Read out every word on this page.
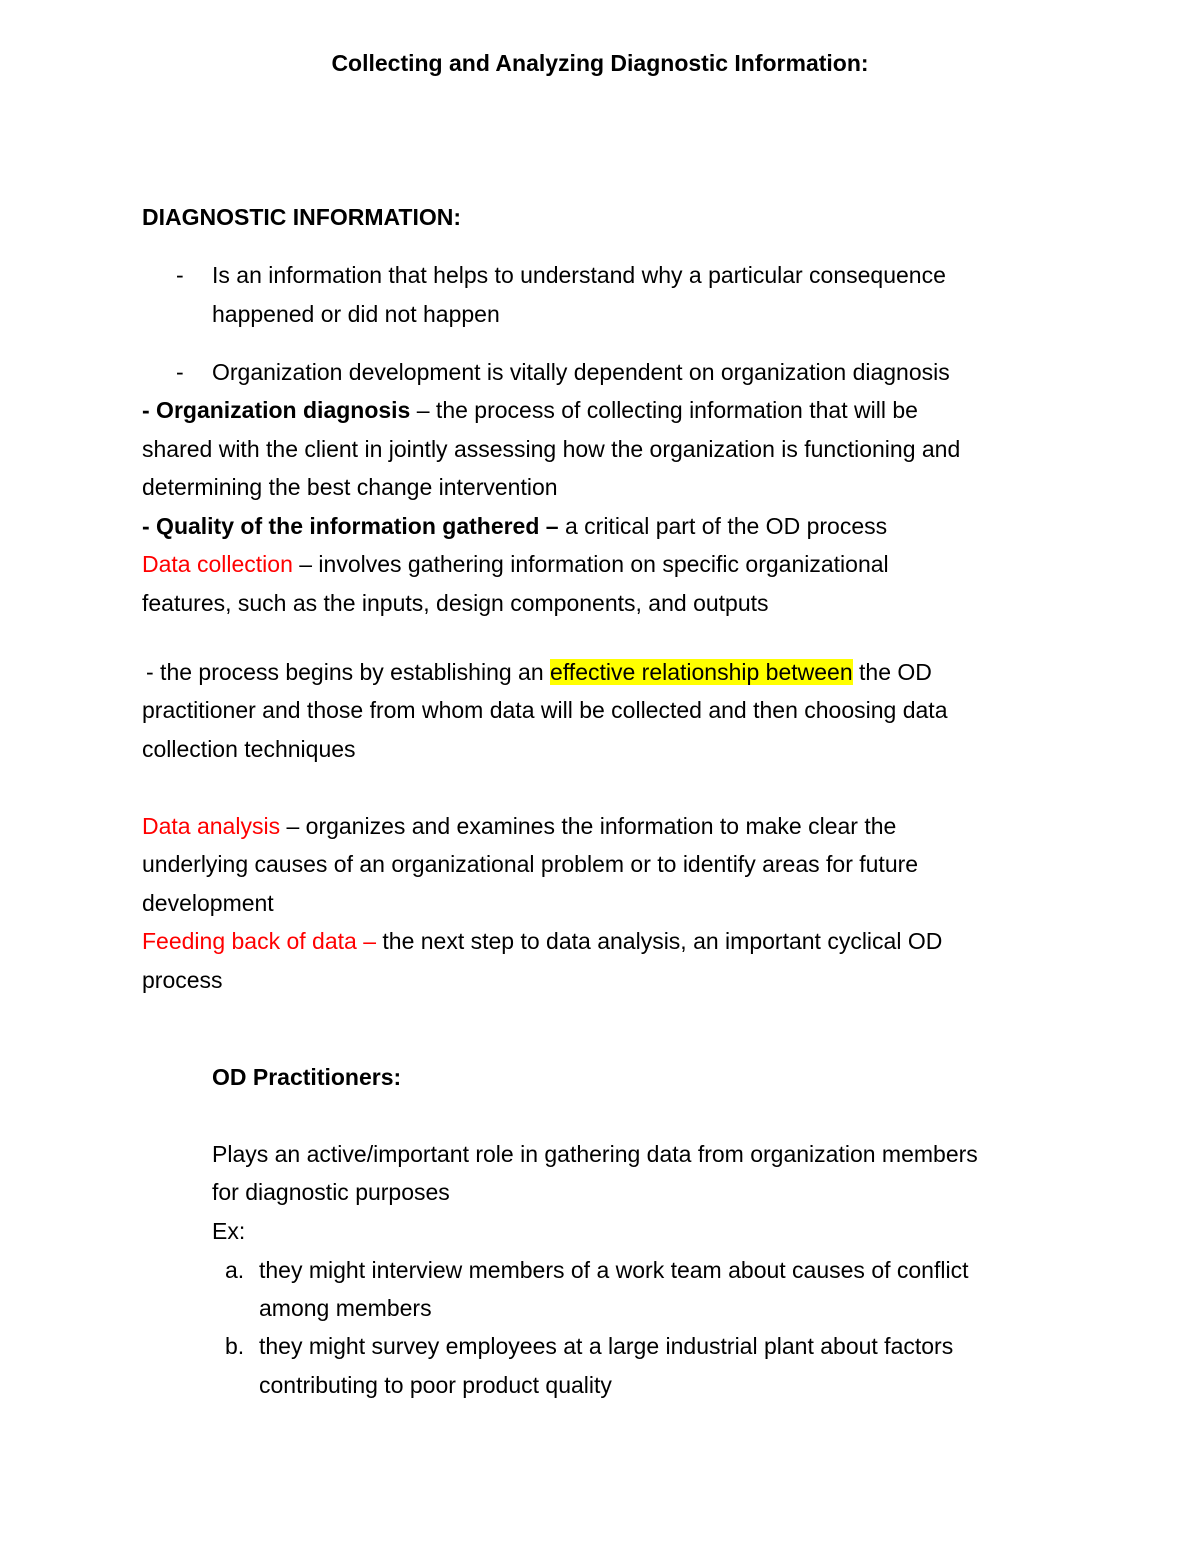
Collecting and Analyzing Diagnostic Information:
DIAGNOSTIC INFORMATION:
- Is an information that helps to understand why a particular consequence
happened or did not happen
- Organization development is vitally dependent on organization diagnosis
- Organization diagnosis – the process of collecting information that will be
shared with the client in jointly assessing how the organization is functioning and
determining the best change intervention
- Quality of the information gathered – a critical part of the OD process
Data collection – involves gathering information on specific organizational
features, such as the inputs, design components, and outputs
- the process begins by establishing an effective relationship between the OD
practitioner and those from whom data will be collected and then choosing data
collection techniques
Data analysis – organizes and examines the information to make clear the
underlying causes of an organizational problem or to identify areas for future
development
Feeding back of data – the next step to data analysis, an important cyclical OD
process
OD Practitioners:
Plays an active/important role in gathering data from organization members
for diagnostic purposes
Ex:
a. they might interview members of a work team about causes of conflict
among members
b. they might survey employees at a large industrial plant about factors
contributing to poor product quality
